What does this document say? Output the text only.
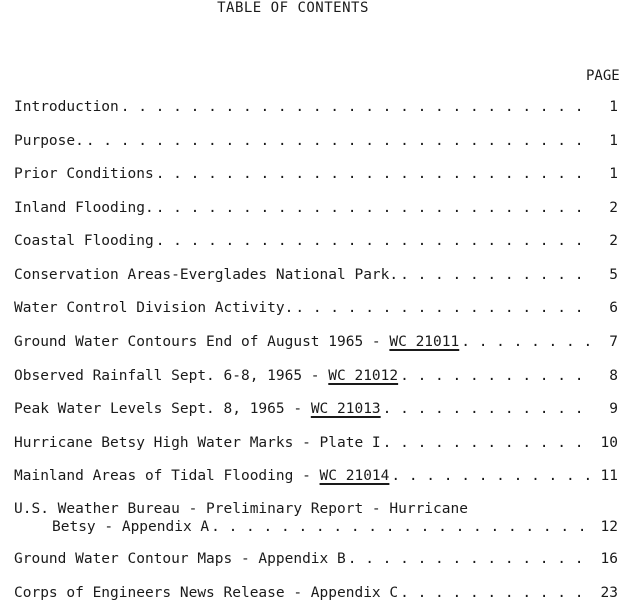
TABLE OF CONTENTS
PAGE
Introduction . . .	1
Purpose. . . .	1
Prior Conditions . . .	1
Inland Flooding. . . .	2
Coastal Flooding . . .	2
Conservation Areas-Everglades National Park. . . .	5
Water Control Division Activity. . . .	6
Ground Water Contours End of August 1965 - WC 21011 . . .	7
Observed Rainfall Sept. 6-8, 1965 - WC 21012 . . .	8
Peak Water Levels Sept. 8, 1965 - WC 21013 . . .	9
Hurricane Betsy High Water Marks - Plate I . . .	10
Mainland Areas of Tidal Flooding - WC 21014 . . .	11
U.S. Weather Bureau - Preliminary Report - Hurricane
Betsy - Appendix A . . .	12
Ground Water Contour Maps - Appendix B . . .	16
Corps of Engineers News Release - Appendix C . . .	23
